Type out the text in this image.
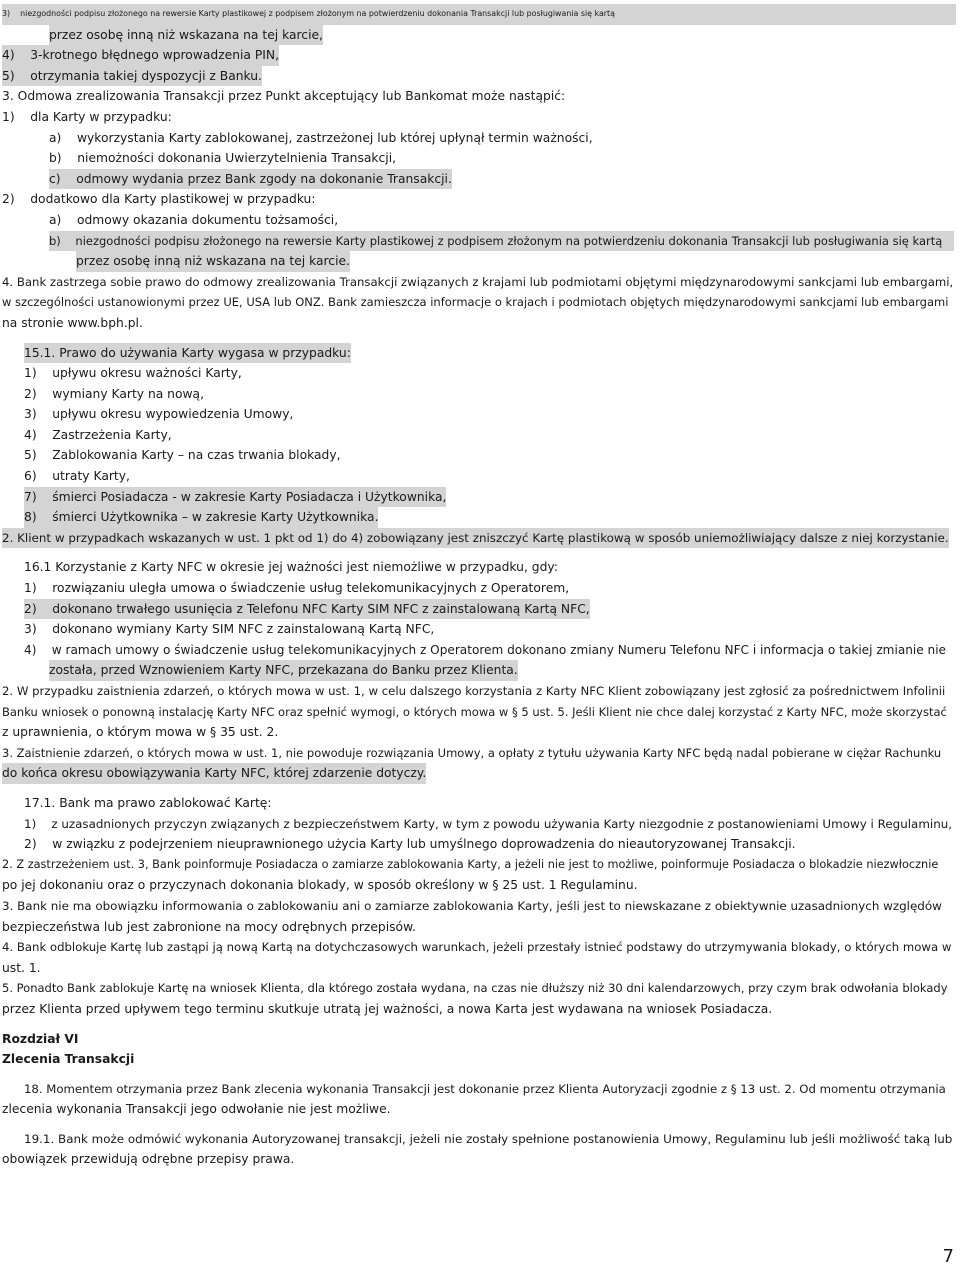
3)    niezgodności podpisu złożonego na rewersie Karty plastikowej z podpisem złożonym na potwierdzeniu dokonania Transakcji lub posługiwania się kartą
przez osobę inną niż wskazana na tej karcie,
4)    3-krotnego błędnego wprowadzenia PIN,
5)    otrzymania takiej dyspozycji z Banku.
3. Odmowa zrealizowania Transakcji przez Punkt akceptujący lub Bankomat może nastąpić:
1)    dla Karty w przypadku:
a)    wykorzystania Karty zablokowanej, zastrzeżonej lub której upłynął termin ważności,
b)    niemożności dokonania Uwierzytelnienia Transakcji,
c)    odmowy wydania przez Bank zgody na dokonanie Transakcji.
2)    dodatkowo dla Karty plastikowej w przypadku:
a)    odmowy okazania dokumentu tożsamości,
b)    niezgodności podpisu złożonego na rewersie Karty plastikowej z podpisem złożonym na potwierdzeniu dokonania Transakcji lub posługiwania się kartą
przez osobę inną niż wskazana na tej karcie.
4. Bank zastrzega sobie prawo do odmowy zrealizowania Transakcji związanych z krajami lub podmiotami objętymi międzynarodowymi sankcjami lub embargami,
w szczególności ustanowionymi przez UE, USA lub ONZ. Bank zamieszcza informacje o krajach i podmiotach objętych międzynarodowymi sankcjami lub embargami
na stronie www.bph.pl.
15.1. Prawo do używania Karty wygasa w przypadku:
1)    upływu okresu ważności Karty,
2)    wymiany Karty na nową,
3)    upływu okresu wypowiedzenia Umowy,
4)    Zastrzeżenia Karty,
5)    Zablokowania Karty – na czas trwania blokady,
6)    utraty Karty,
7)    śmierci Posiadacza - w zakresie Karty Posiadacza i Użytkownika,
8)    śmierci Użytkownika – w zakresie Karty Użytkownika.
2. Klient w przypadkach wskazanych w ust. 1 pkt od 1) do 4) zobowiązany jest zniszczyć Kartę plastikową w sposób uniemożliwiający dalsze z niej korzystanie.
16.1 Korzystanie z Karty NFC w okresie jej ważności jest niemożliwe w przypadku, gdy:
1)    rozwiązaniu uległa umowa o świadczenie usług telekomunikacyjnych z Operatorem,
2)    dokonano trwałego usunięcia z Telefonu NFC Karty SIM NFC z zainstalowaną Kartą NFC,
3)    dokonano wymiany Karty SIM NFC z zainstalowaną Kartą NFC,
4)    w ramach umowy o świadczenie usług telekomunikacyjnych z Operatorem dokonano zmiany Numeru Telefonu NFC i informacja o takiej zmianie nie
została, przed Wznowieniem Karty NFC, przekazana do Banku przez Klienta.
2. W przypadku zaistnienia zdarzeń, o których mowa w ust. 1, w celu dalszego korzystania z Karty NFC Klient zobowiązany jest zgłosić za pośrednictwem Infolinii
Banku wniosek o ponowną instalację Karty NFC oraz spełnić wymogi, o których mowa w § 5 ust. 5. Jeśli Klient nie chce dalej korzystać z Karty NFC, może skorzystać
z uprawnienia, o którym mowa w § 35 ust. 2.
3. Zaistnienie zdarzeń, o których mowa w ust. 1, nie powoduje rozwiązania Umowy, a opłaty z tytułu używania Karty NFC będą nadal pobierane w ciężar Rachunku
do końca okresu obowiązywania Karty NFC, której zdarzenie dotyczy.
17.1. Bank ma prawo zablokować Kartę:
1)    z uzasadnionych przyczyn związanych z bezpieczeństwem Karty, w tym z powodu używania Karty niezgodnie z postanowieniami Umowy i Regulaminu,
2)    w związku z podejrzeniem nieuprawnionego użycia Karty lub umyślnego doprowadzenia do nieautoryzowanej Transakcji.
2. Z zastrzeżeniem ust. 3, Bank poinformuje Posiadacza o zamiarze zablokowania Karty, a jeżeli nie jest to możliwe, poinformuje Posiadacza o blokadzie niezwłocznie
po jej dokonaniu oraz o przyczynach dokonania blokady, w sposób określony w § 25 ust. 1 Regulaminu.
3. Bank nie ma obowiązku informowania o zablokowaniu ani o zamiarze zablokowania Karty, jeśli jest to niewskazane z obiektywnie uzasadnionych względów
bezpieczeństwa lub jest zabronione na mocy odrębnych przepisów.
4. Bank odblokuje Kartę lub zastąpi ją nową Kartą na dotychczasowych warunkach, jeżeli przestały istnieć podstawy do utrzymywania blokady, o których mowa w
ust. 1.
5. Ponadto Bank zablokuje Kartę na wniosek Klienta, dla którego została wydana, na czas nie dłuższy niż 30 dni kalendarzowych, przy czym brak odwołania blokady
przez Klienta przed upływem tego terminu skutkuje utratą jej ważności, a nowa Karta jest wydawana na wniosek Posiadacza.
Rozdział VI
Zlecenia Transakcji
18. Momentem otrzymania przez Bank zlecenia wykonania Transakcji jest dokonanie przez Klienta Autoryzacji zgodnie z § 13 ust. 2. Od momentu otrzymania
zlecenia wykonania Transakcji jego odwołanie nie jest możliwe.
19.1. Bank może odmówić wykonania Autoryzowanej transakcji, jeżeli nie zostały spełnione postanowienia Umowy, Regulaminu lub jeśli możliwość taką lub
obowiązek przewidują odrębne przepisy prawa.
7
